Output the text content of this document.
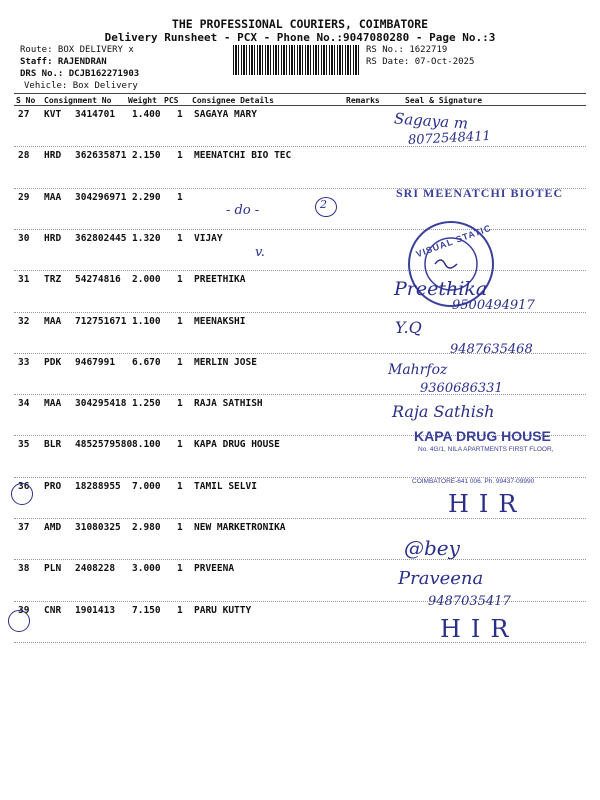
THE PROFESSIONAL COURIERS, COIMBATORE
Delivery Runsheet - PCX - Phone No.:9047080280 - Page No.:3
Route: BOX DELIVERY x
Staff: RAJENDRAN
DRS No.: DCJB162271903
Vehicle: Box Delivery
RS No.: 1622719
RS Date: 07-Oct-2025
S No Consignment No Weight PCS Consignee Details	Remarks	Seal & Signature
27 KVT 3414701 1.400 1 SAGAYA MARY
28 HRD 362635871 2.150 1 MEENATCHI BIO TEC
29 MAA 304296971 2.290 1
30 HRD 362802445 1.320 1 VIJAY
31 TRZ 54274816 2.000 1 PREETHIKA
32 MAA 712751671 1.100 1 MEENAKSHI
33 PDK 9467991 6.670 1 MERLIN JOSE
34 MAA 304295418 1.250 1 RAJA SATHISH
35 BLR 4852579580 8.100 1 KAPA DRUG HOUSE
36 PRO 18288955 7.000 1 TAMIL SELVI
37 AMD 31080325 2.980 1 NEW MARKETRONIKA
38 PLN 2408228 3.000 1 PRVEENA
39 CNR 1901413 7.150 1 PARU KUTTY
Sagaya m
8072548411
SRI MEENATCHI BIOTEC
- do -	2
VISUAL STATIC
v.
Preethika
9500494917
Y.Q
9487635468
Mahrfoz
9360686331
Raja Sathish
KAPA DRUG HOUSE
No. 4G/1, NILA APARTMENTS FIRST FLOOR,
COIMBATORE-641 006. Ph. 99437-09990
HIR
@bey
Praveena
9487035417
HIR
